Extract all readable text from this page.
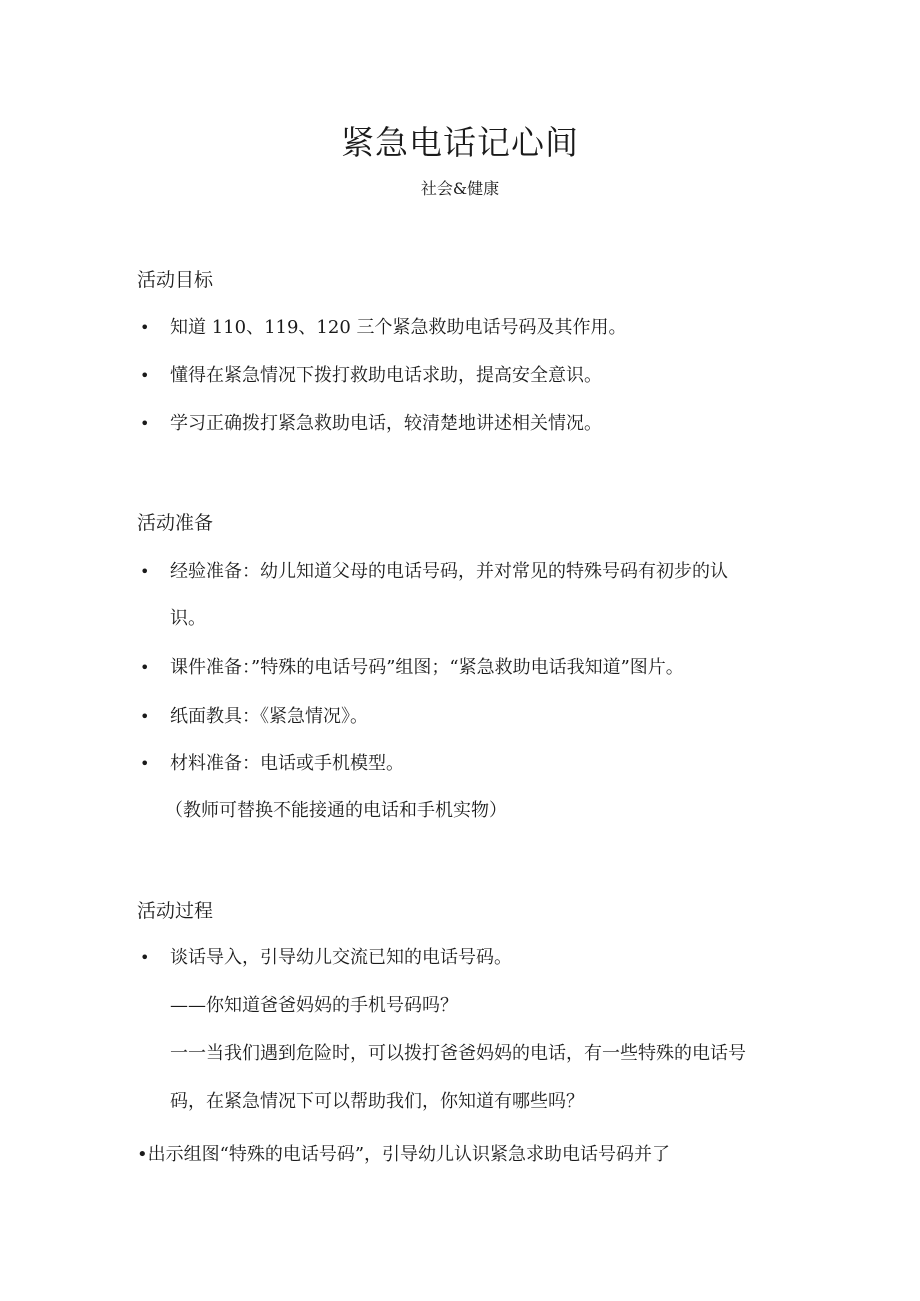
紧急电话记心间
社会&健康
活动目标
• 知道 110、119、120 三个紧急救助电话号码及其作用。
• 懂得在紧急情况下拨打救助电话求助，提高安全意识。
• 学习正确拨打紧急救助电话，较清楚地讲述相关情况。
活动准备
• 经验准备：幼儿知道父母的电话号码，并对常见的特殊号码有初步的认
识。
• 课件准备：”特殊的电话号码”组图；“紧急救助电话我知道”图片。
• 纸面教具：《紧急情况》。
• 材料准备：电话或手机模型。
（教师可替换不能接通的电话和手机实物）
活动过程
• 谈话导入，引导幼儿交流已知的电话号码。
——你知道爸爸妈妈的手机号码吗？
一一当我们遇到危险时，可以拨打爸爸妈妈的电话，有一些特殊的电话号
码，在紧急情况下可以帮助我们，你知道有哪些吗？
•出示组图“特殊的电话号码”，引导幼儿认识紧急求助电话号码并了
